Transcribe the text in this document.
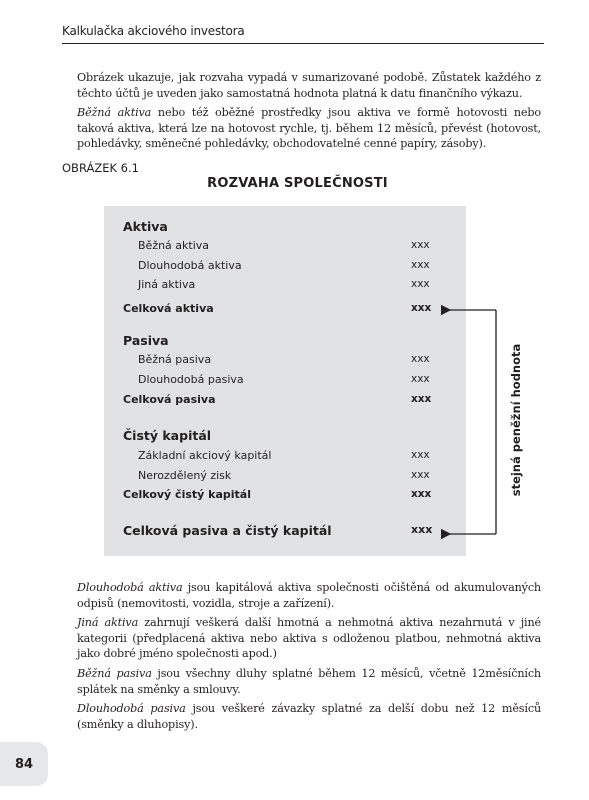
Kalkulačka akciového investora

Obrázek ukazuje, jak rozvaha vypadá v sumarizované podobě. Zůstatek každého z těchto účtů je uveden jako samostatná hodnota platná k datu finančního výkazu.

Běžná aktiva nebo též oběžné prostředky jsou aktiva ve formě hotovosti nebo taková aktiva, která lze na hotovost rychle, tj. během 12 měsíců, převést (hotovost, pohledávky, směnečné pohledávky, obchodovatelné cenné papíry, zásoby).

OBRÁZEK 6.1
ROZVAHA SPOLEČNOSTI
Aktiva
Běžná aktiva	xxx
Dlouhodobá aktiva	xxx
Jiná aktiva	xxx
Celková aktiva	xxx
Pasiva
Běžná pasiva	xxx
Dlouhodobá pasiva	xxx
Celková pasiva	xxx
Čistý kapitál
Základní akciový kapitál	xxx
Nerozdělený zisk	xxx
Celkový čistý kapitál	xxx
Celková pasiva a čistý kapitál	xxx
stejná peněžní hodnota

Dlouhodobá aktiva jsou kapitálová aktiva společnosti očištěná od akumulovaných odpisů (nemovitosti, vozidla, stroje a zařízení).

Jiná aktiva zahrnují veškerá další hmotná a nehmotná aktiva nezahrnutá v jiné kategorii (předplacená aktiva nebo aktiva s odloženou platbou, nehmotná aktiva jako dobré jméno společnosti apod.)

Běžná pasiva jsou všechny dluhy splatné během 12 měsíců, včetně 12měsíčních splátek na směnky a smlouvy.

Dlouhodobá pasiva jsou veškeré závazky splatné za delší dobu než 12 měsíců (směnky a dluhopisy).

84
